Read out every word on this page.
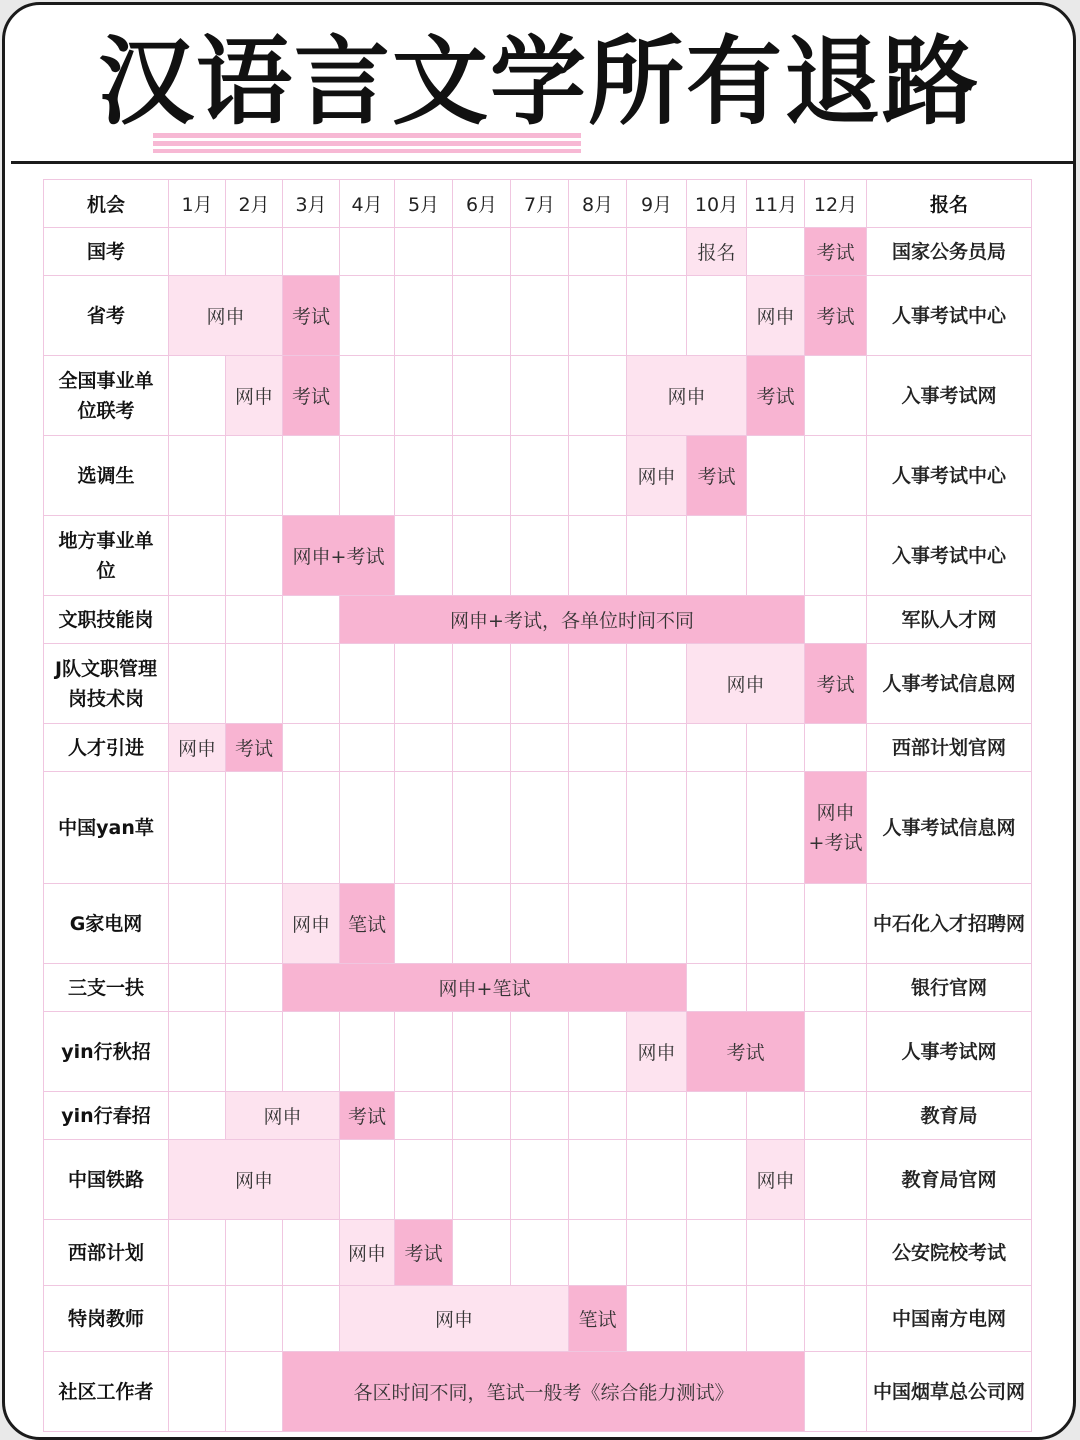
汉语言文学所有退路
机会	1月	2月	3月	4月	5月	6月	7月	8月	9月	10月	11月	12月	报名
国考										报名		考试	国家公务员局
省考	网申		考试								网申	考试	人事考试中心
全国事业单位联考		网申	考试						网申		考试		入事考试网
选调生									网申	考试			人事考试中心
地方事业单位			网申+考试										入事考试中心
文职技能岗				网申+考试，各单位时间不同									军队人才网
J队文职管理岗技术岗										网申		考试	人事考试信息网
人才引进	网申	考试											西部计划官网
中国yan草												网申+考试	人事考试信息网
G家电网			网申	笔试									中石化入才招聘网
三支一扶			网申+笔试										银行官网
yin行秋招									网申	考试			人事考试网
yin行春招		网申		考试									教育局
中国铁路	网申										网申		教育局官网
西部计划				网申	考试								公安院校考试
特岗教师				网申				笔试					中国南方电网
社区工作者			各区时间不同，笔试一般考《综合能力测试》										中国烟草总公司网
